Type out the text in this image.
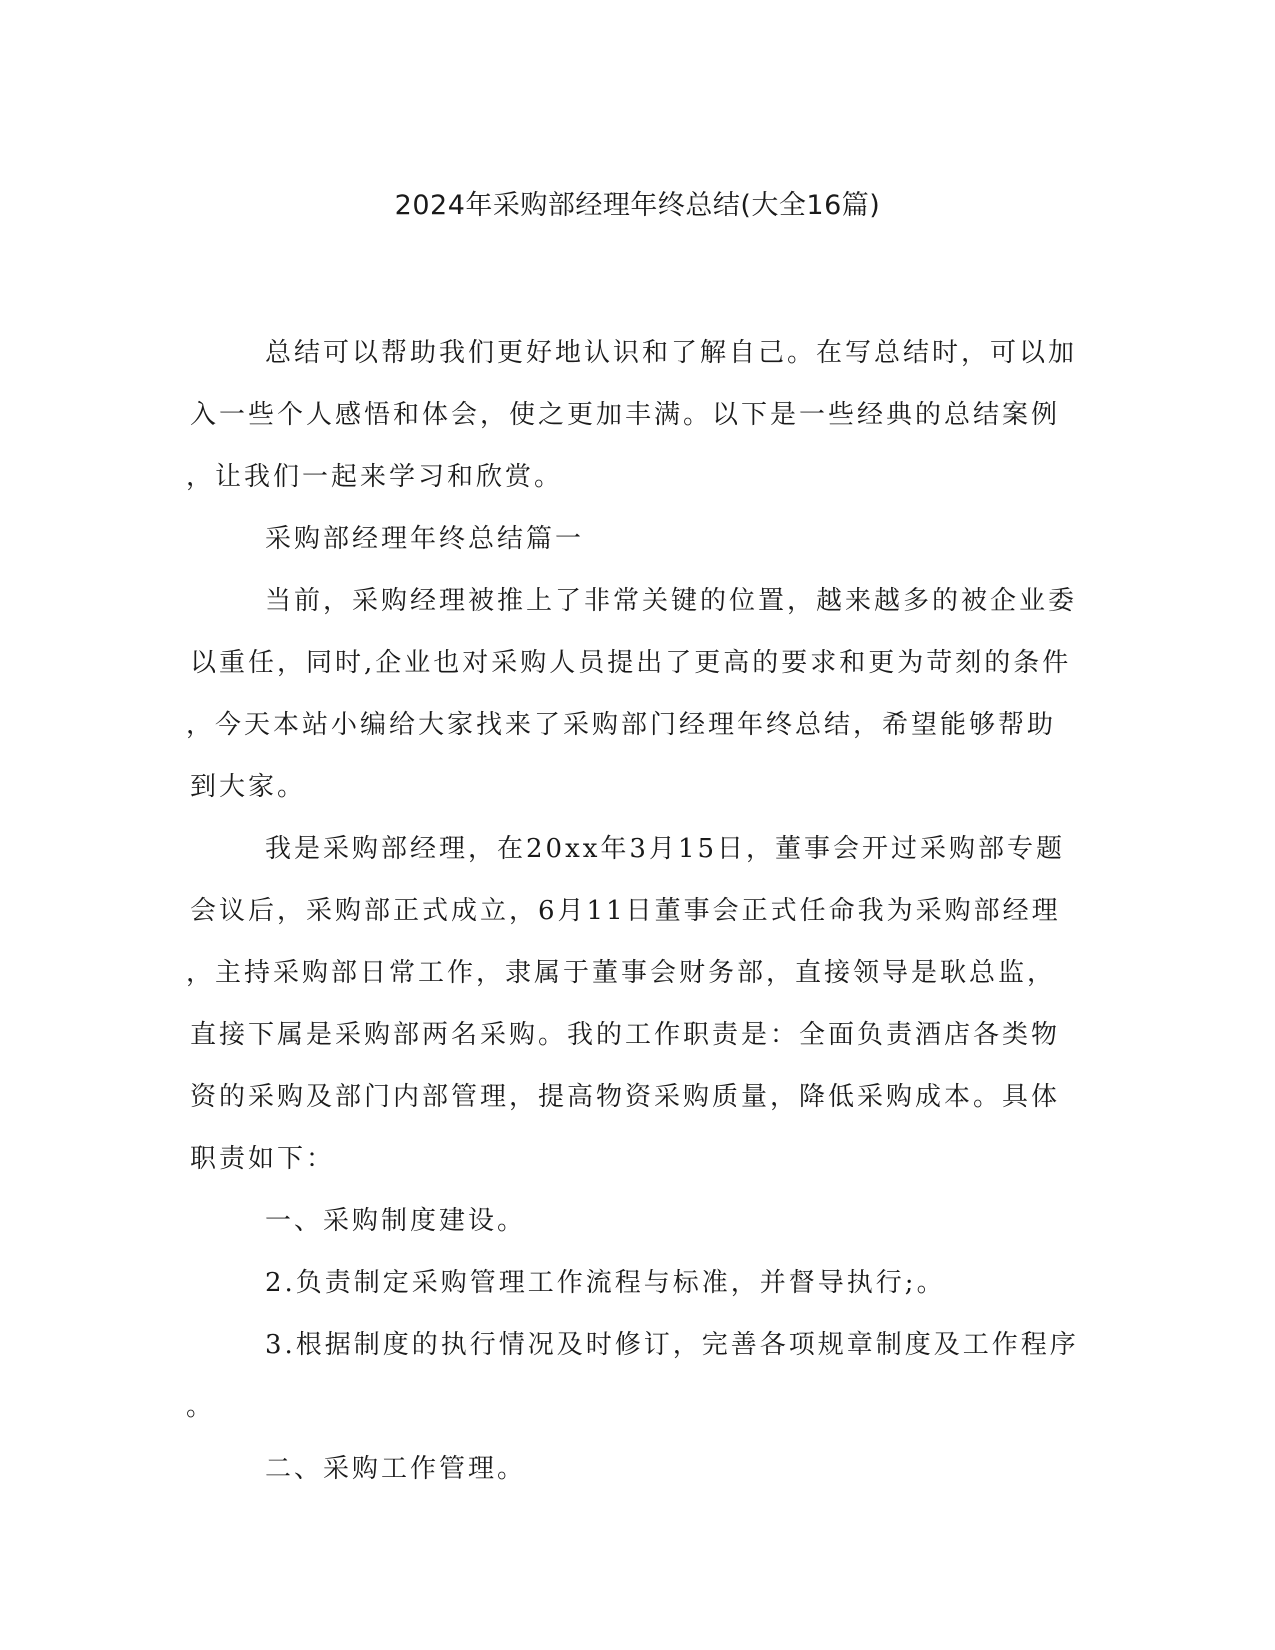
2024年采购部经理年终总结(大全16篇)

总结可以帮助我们更好地认识和了解自己。在写总结时，可以加
入一些个人感悟和体会，使之更加丰满。以下是一些经典的总结案例
，让我们一起来学习和欣赏。

采购部经理年终总结篇一

当前，采购经理被推上了非常关键的位置，越来越多的被企业委
以重任，同时,企业也对采购人员提出了更高的要求和更为苛刻的条件
，今天本站小编给大家找来了采购部门经理年终总结，希望能够帮助
到大家。

我是采购部经理，在20xx年3月15日，董事会开过采购部专题
会议后，采购部正式成立，6月11日董事会正式任命我为采购部经理
，主持采购部日常工作，隶属于董事会财务部，直接领导是耿总监，
直接下属是采购部两名采购。我的工作职责是：全面负责酒店各类物
资的采购及部门内部管理，提高物资采购质量，降低采购成本。具体
职责如下：

一、采购制度建设。

2.负责制定采购管理工作流程与标准，并督导执行;。

3.根据制度的执行情况及时修订，完善各项规章制度及工作程序
。

二、采购工作管理。
